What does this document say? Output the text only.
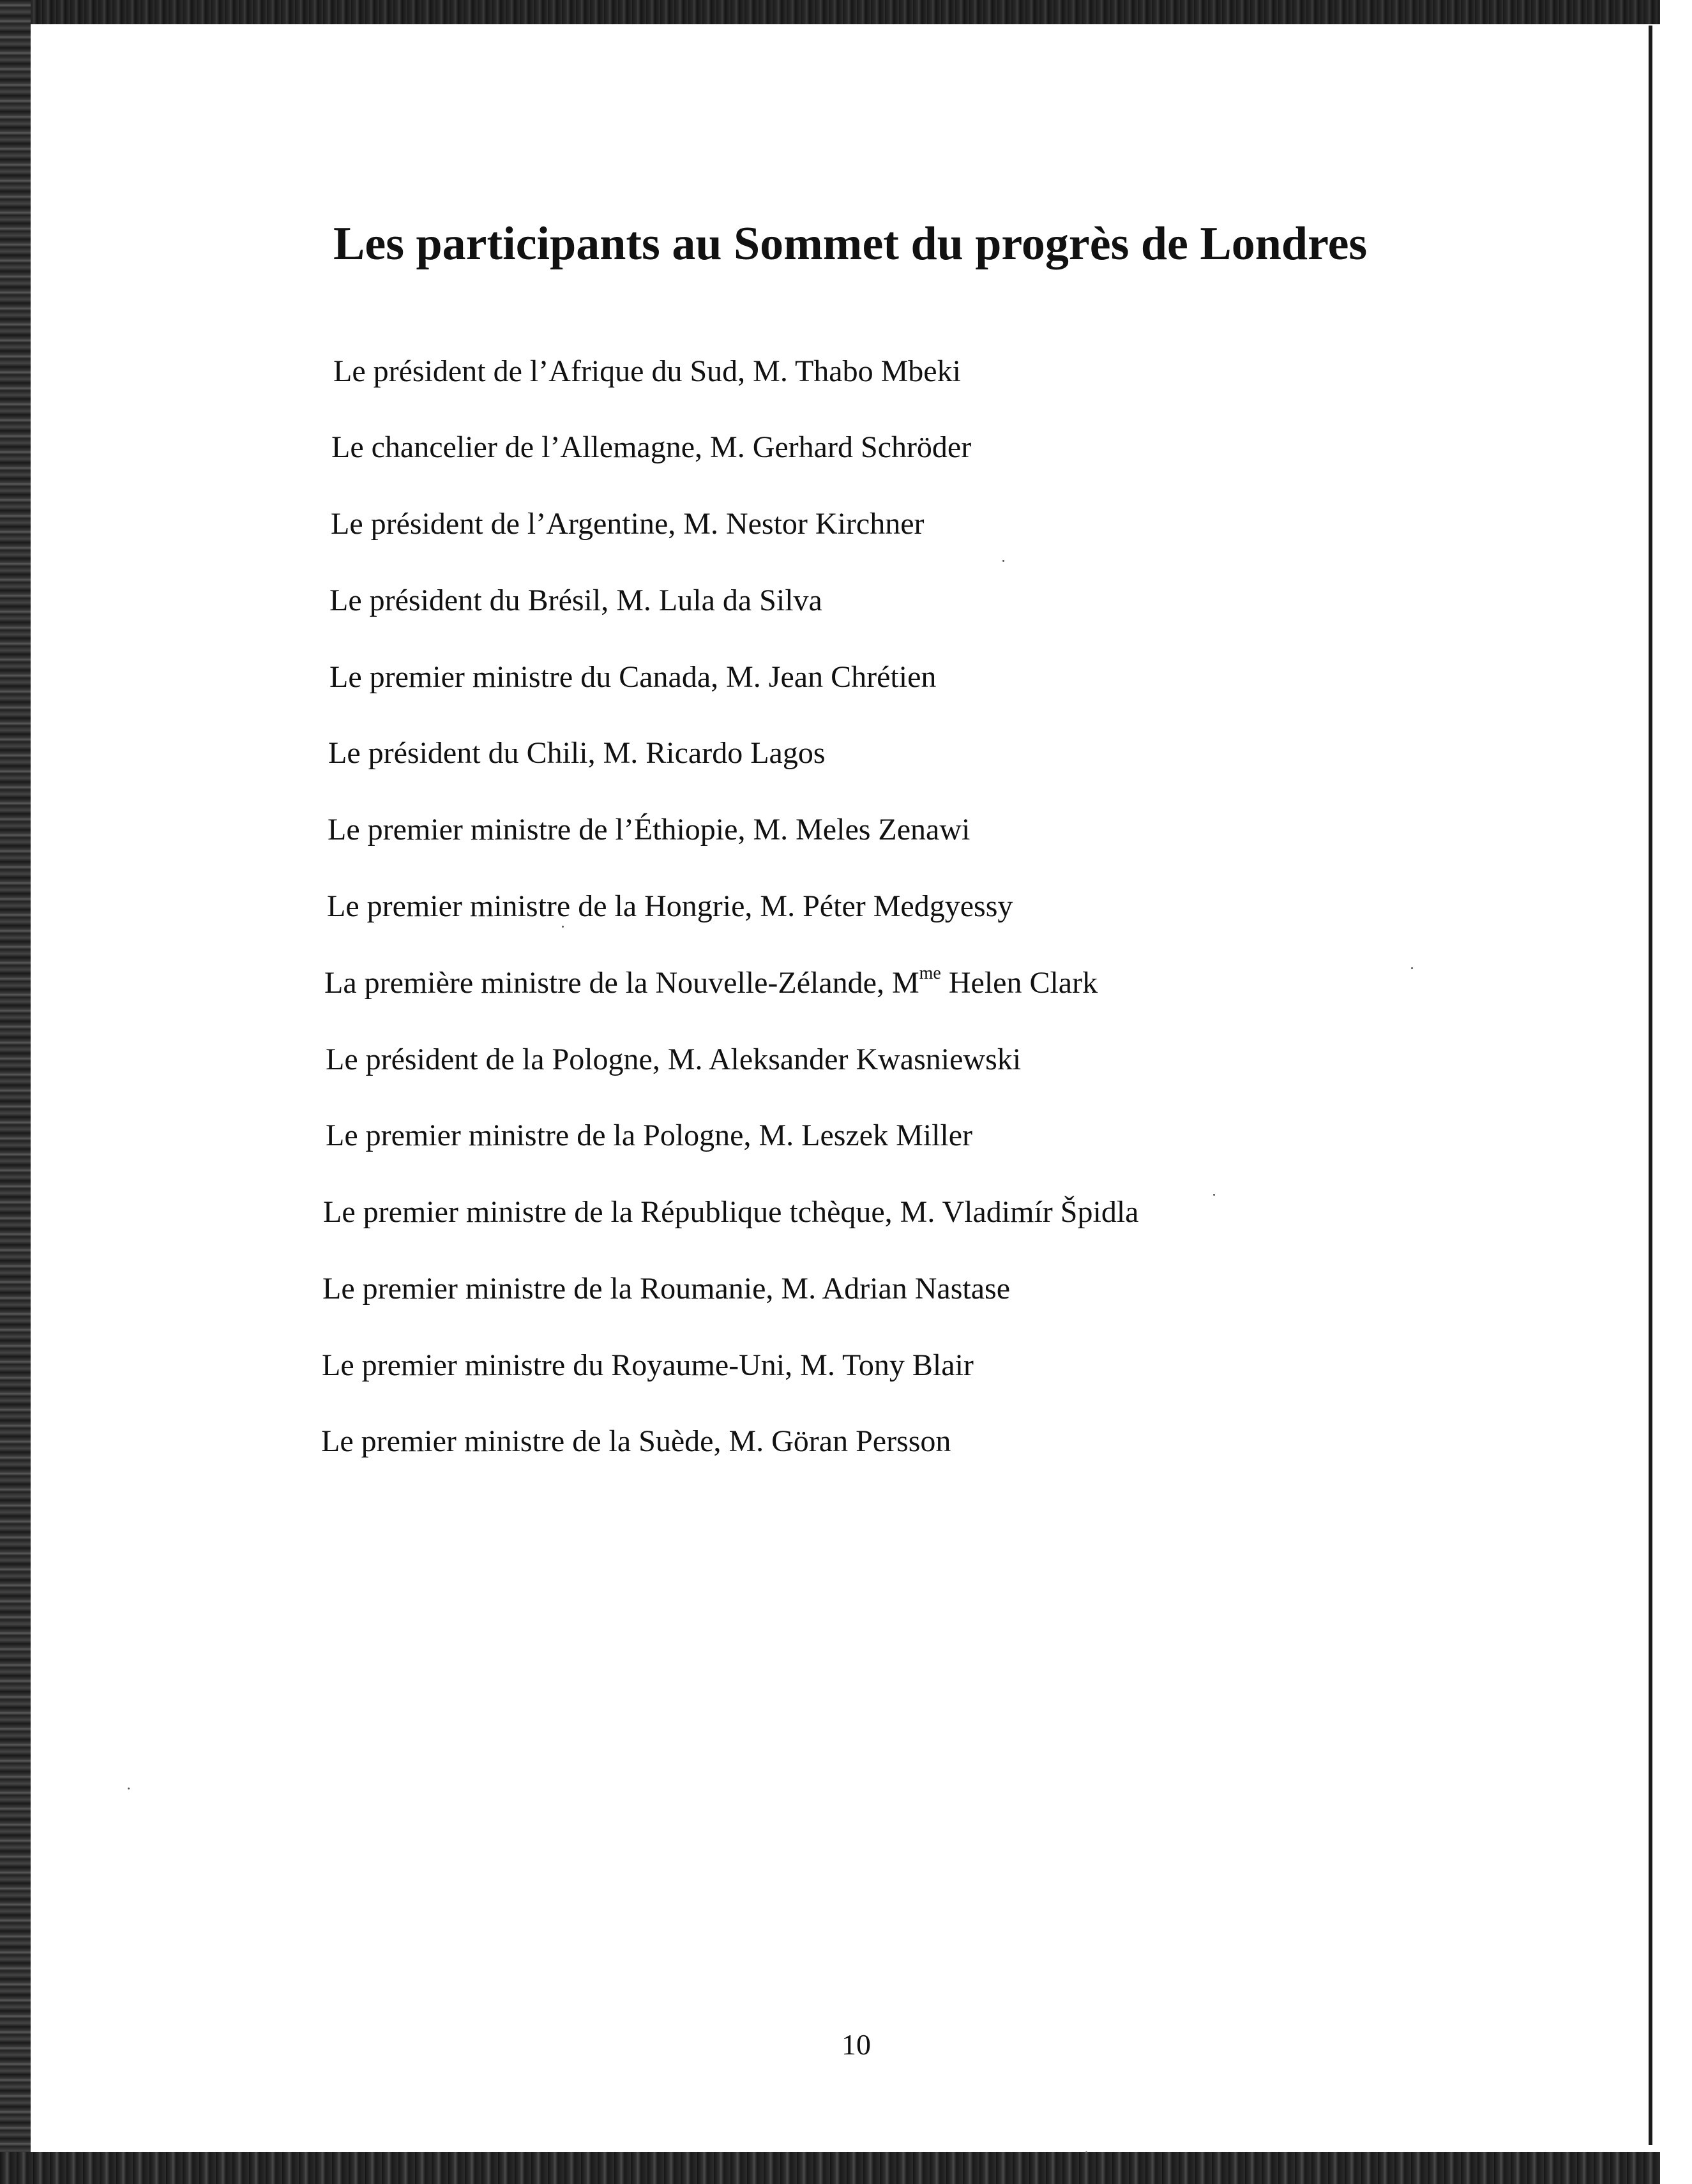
Les participants au Sommet du progrès de Londres
Le président de l’Afrique du Sud, M. Thabo Mbeki
Le chancelier de l’Allemagne, M. Gerhard Schröder
Le président de l’Argentine, M. Nestor Kirchner
Le président du Brésil, M. Lula da Silva
Le premier ministre du Canada, M. Jean Chrétien
Le président du Chili, M. Ricardo Lagos
Le premier ministre de l’Éthiopie, M. Meles Zenawi
Le premier ministre de la Hongrie, M. Péter Medgyessy
La première ministre de la Nouvelle-Zélande, $M^{me}$ Helen Clark
Le président de la Pologne, M. Aleksander Kwasniewski
Le premier ministre de la Pologne, M. Leszek Miller
Le premier ministre de la République tchèque, M. Vladimír Špidla
Le premier ministre de la Roumanie, M. Adrian Nastase
Le premier ministre du Royaume-Uni, M. Tony Blair
Le premier ministre de la Suède, M. Göran Persson
10
